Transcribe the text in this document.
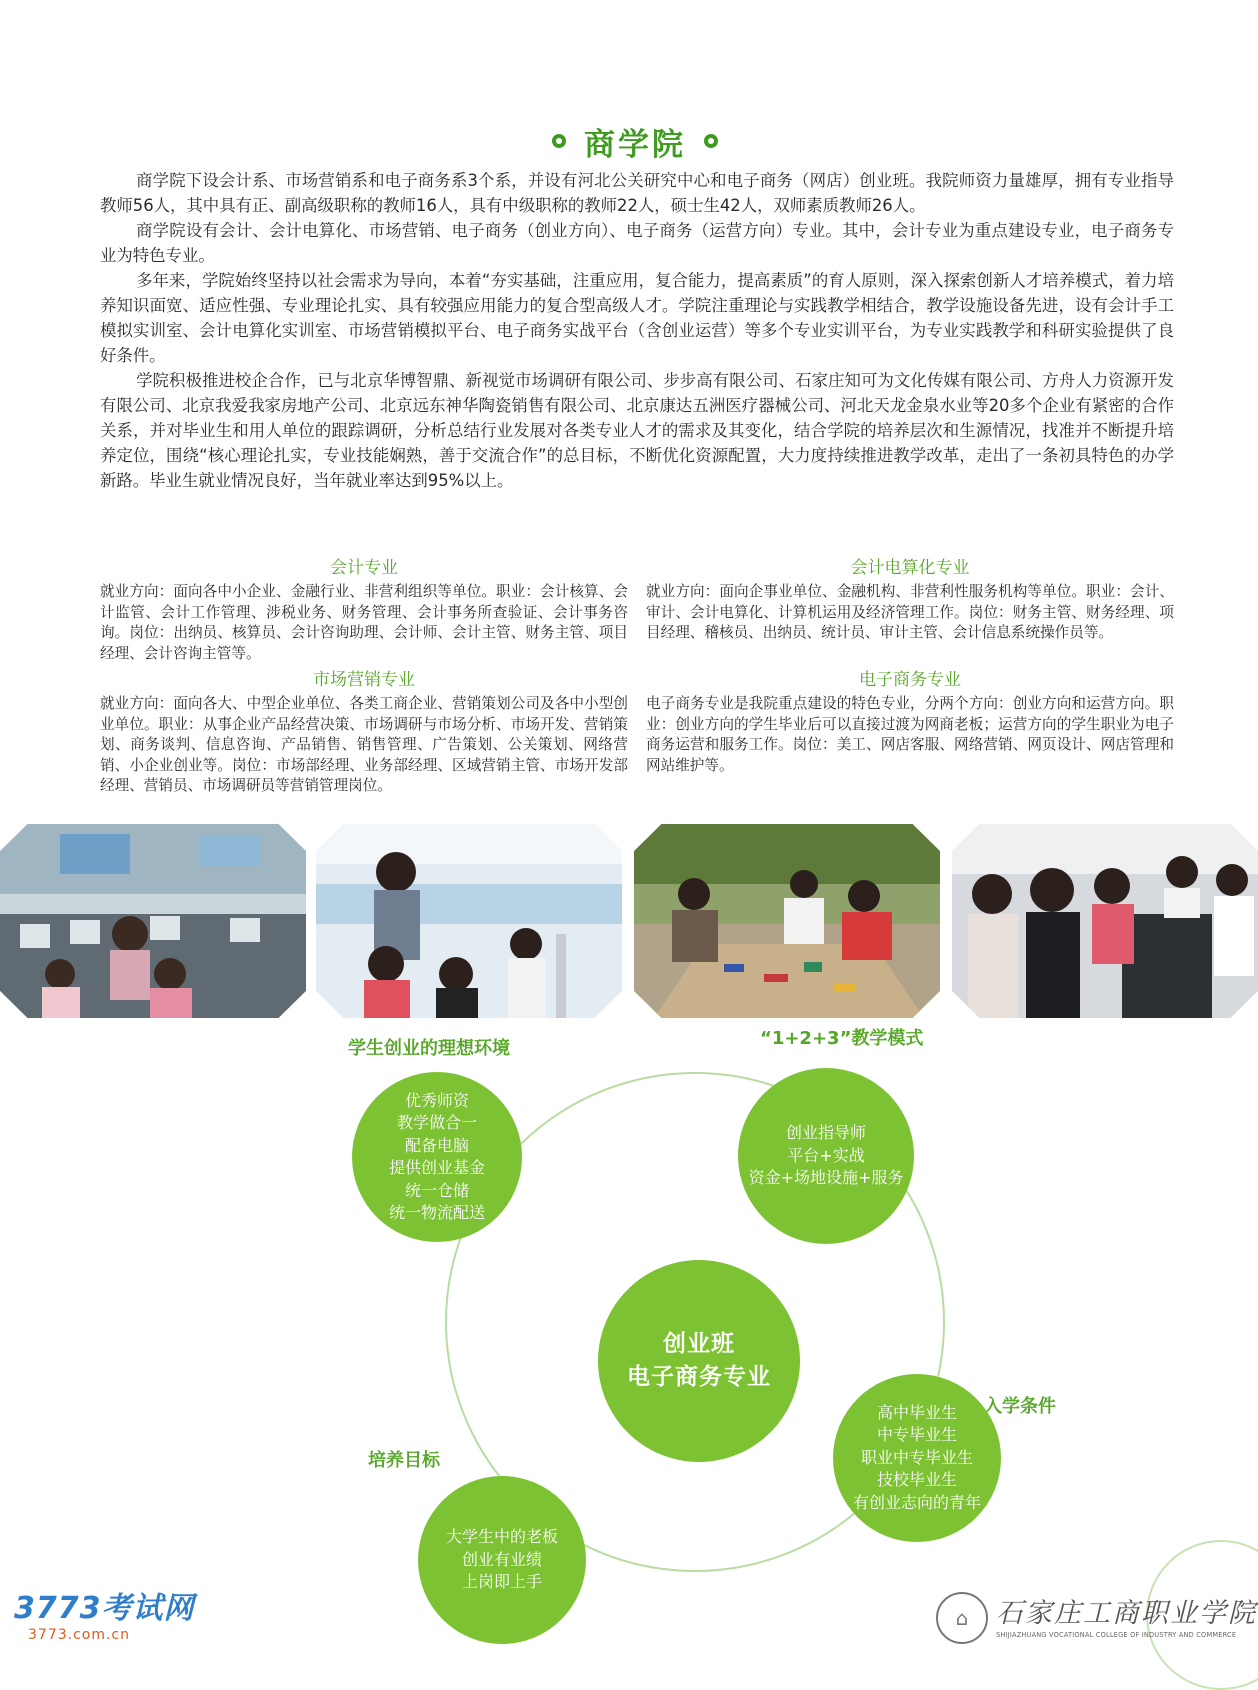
商学院

商学院下设会计系、市场营销系和电子商务系3个系，并设有河北公关研究中心和电子商务（网店）创业班。我院师资力量雄厚，拥有专业指导教师56人，其中具有正、副高级职称的教师16人，具有中级职称的教师22人，硕士生42人，双师素质教师26人。

商学院设有会计、会计电算化、市场营销、电子商务（创业方向）、电子商务（运营方向）专业。其中，会计专业为重点建设专业，电子商务专业为特色专业。

多年来，学院始终坚持以社会需求为导向，本着“夯实基础，注重应用，复合能力，提高素质”的育人原则，深入探索创新人才培养模式，着力培养知识面宽、适应性强、专业理论扎实、具有较强应用能力的复合型高级人才。学院注重理论与实践教学相结合，教学设施设备先进，设有会计手工模拟实训室、会计电算化实训室、市场营销模拟平台、电子商务实战平台（含创业运营）等多个专业实训平台，为专业实践教学和科研实验提供了良好条件。

学院积极推进校企合作，已与北京华博智鼎、新视觉市场调研有限公司、步步高有限公司、石家庄知可为文化传媒有限公司、方舟人力资源开发有限公司、北京我爱我家房地产公司、北京远东神华陶瓷销售有限公司、北京康达五洲医疗器械公司、河北天龙金泉水业等20多个企业有紧密的合作关系，并对毕业生和用人单位的跟踪调研，分析总结行业发展对各类专业人才的需求及其变化，结合学院的培养层次和生源情况，找准并不断提升培养定位，围绕“核心理论扎实，专业技能娴熟，善于交流合作”的总目标，不断优化资源配置，大力度持续推进教学改革，走出了一条初具特色的办学新路。毕业生就业情况良好，当年就业率达到95%以上。

会计专业

就业方向：面向各中小企业、金融行业、非营利组织等单位。职业：会计核算、会计监管、会计工作管理、涉税业务、财务管理、会计事务所查验证、会计事务咨询。岗位：出纳员、核算员、会计咨询助理、会计师、会计主管、财务主管、项目经理、会计咨询主管等。

会计电算化专业

就业方向：面向企事业单位、金融机构、非营利性服务机构等单位。职业：会计、审计、会计电算化、计算机运用及经济管理工作。岗位：财务主管、财务经理、项目经理、稽核员、出纳员、统计员、审计主管、会计信息系统操作员等。

市场营销专业

就业方向：面向各大、中型企业单位、各类工商企业、营销策划公司及各中小型创业单位。职业：从事企业产品经营决策、市场调研与市场分析、市场开发、营销策划、商务谈判、信息咨询、产品销售、销售管理、广告策划、公关策划、网络营销、小企业创业等。岗位：市场部经理、业务部经理、区域营销主管、市场开发部经理、营销员、市场调研员等营销管理岗位。

电子商务专业

电子商务专业是我院重点建设的特色专业，分两个方向：创业方向和运营方向。职业：创业方向的学生毕业后可以直接过渡为网商老板；运营方向的学生职业为电子商务运营和服务工作。岗位：美工、网店客服、网络营销、网页设计、网店管理和网站维护等。

学生创业的理想环境	“1+2+3”教学模式
入学条件
培养目标
优秀师资
教学做合一
配备电脑
提供创业基金
统一仓储
统一物流配送
创业指导师
平台+实战
资金+场地设施+服务
创业班
电子商务专业
高中毕业生
中专毕业生
职业中专毕业生
技校毕业生
有创业志向的青年
大学生中的老板
创业有业绩
上岗即上手
3773考试网
3773.com.cn
⌂	石家庄工商职业学院
SHIJIAZHUANG VOCATIONAL COLLEGE OF INDUSTRY AND COMMERCE
